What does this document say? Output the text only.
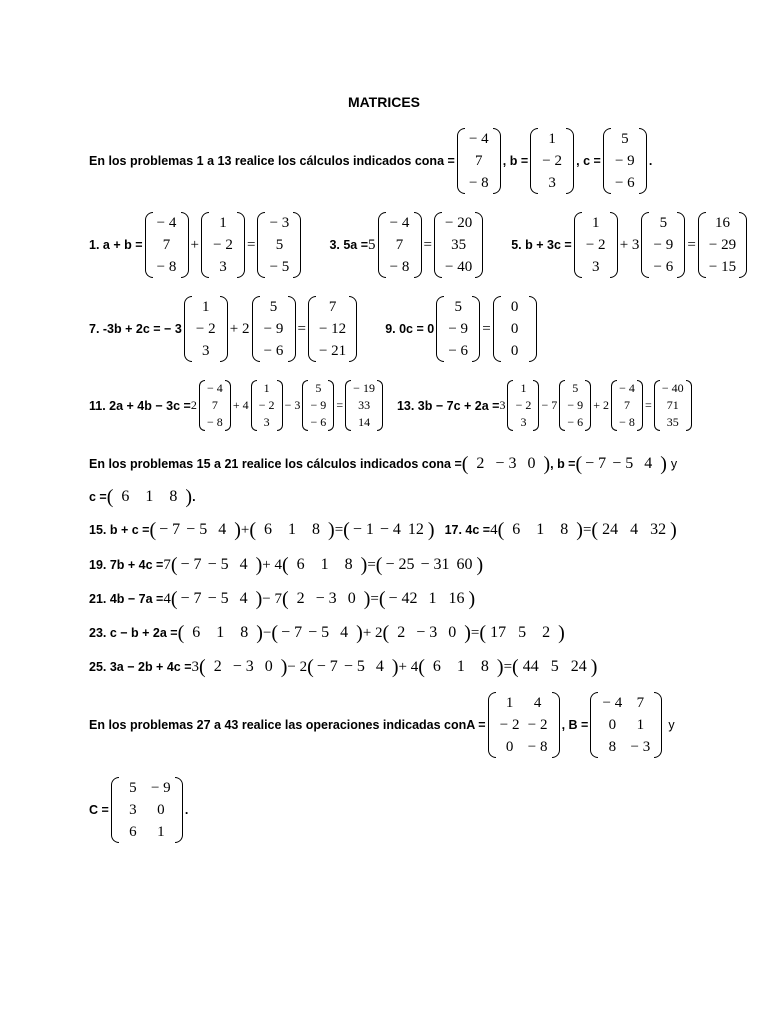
MATRICES
En los problemas 1 a 13 realice los cálculos indicados con a =
− 4
7
− 8
, b =
1
− 2
3
, c =
5
− 9
− 6
.
1. a + b =
− 4
7
− 8
+
1
− 2
3
=
− 3
5
− 5
3. 5a = 5
− 4
7
− 8
=
− 20
35
− 40
5. b + 3c =
1
− 2
3
+ 3
5
− 9
− 6
=
16
− 29
− 15
7. -3b + 2c = − 3
1
− 2
3
+ 2
5
− 9
− 6
=
7
− 12
− 21
9. 0c = 0
5
− 9
− 6
=
0
0
0
11. 2a + 4b − 3c = 2
− 4
7
− 8
+ 4
1
− 2
3
− 3
5
− 9
− 6
=
− 19
33
14
13. 3b − 7c + 2a = 3
1
− 2
3
− 7
5
− 9
− 6
+ 2
− 4
7
− 8
=
− 40
71
35
En los problemas 15 a 21 realice los cálculos indicados con a = ( 2 − 3 0 ) , b = ( − 7 − 5 4 ) y
c = ( 6	1	8 ) .
15. b + c = ( − 7 − 5 4 ) + ( 6	1	8 ) = ( − 1 − 4 12 ) 17. 4c = 4 ( 6	1	8 ) = ( 24 4 32 )
19. 7b + 4c = 7 ( − 7 − 5 4 ) + 4 ( 6	1	8 ) = ( − 25 − 31 60 )
21. 4b − 7a = 4 ( − 7 − 5 4 ) − 7 ( 2 − 3 0 ) = ( − 42 1 16 )
23. c − b + 2a = ( 6	1	8 ) − ( − 7 − 5 4 ) + 2 ( 2 − 3 0 ) = ( 17 5	2 )
25. 3a − 2b + 4c = 3 ( 2 − 3 0 ) − 2 ( − 7 − 5 4 ) + 4 ( 6	1	8 ) = ( 44 5 24 )
En los problemas 27 a 43 realice las operaciones indicadas con A =
1	4
− 2	− 2
0	− 8
, B =
− 4	7
0	1
8	− 3
y
C =
5	− 9
3	0
6	1
.
